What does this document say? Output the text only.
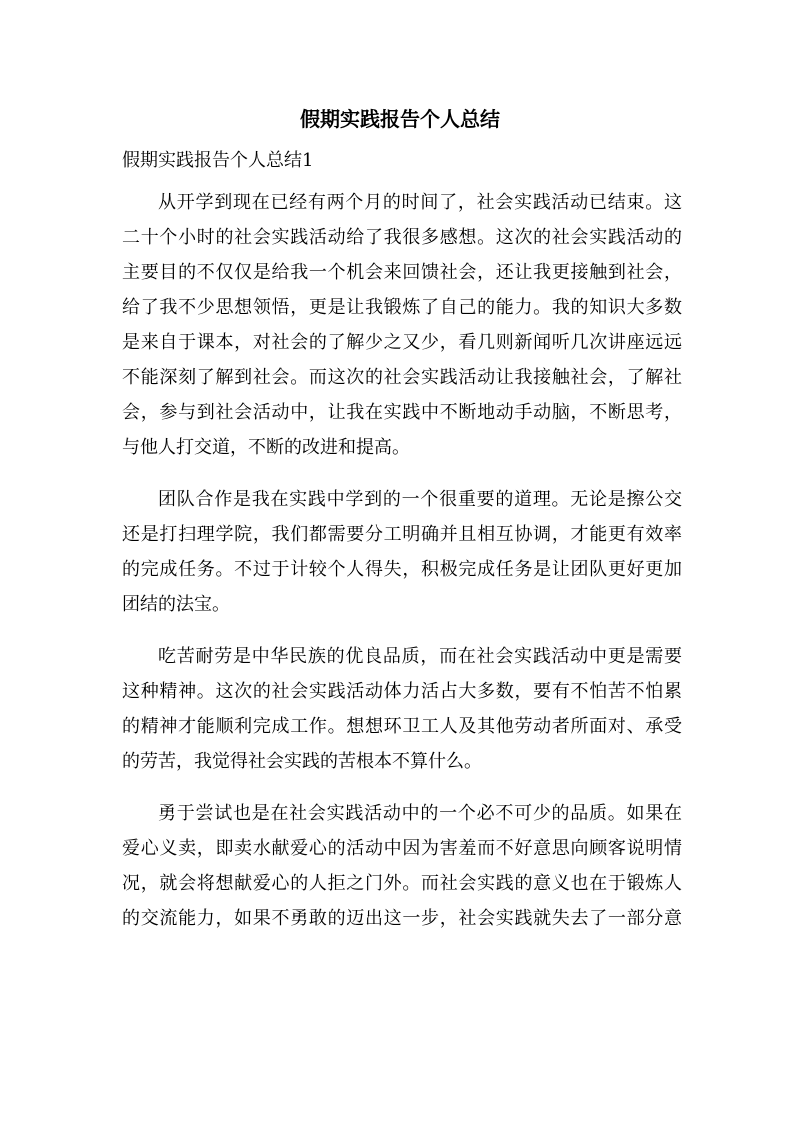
假期实践报告个人总结
假期实践报告个人总结1
从开学到现在已经有两个月的时间了，社会实践活动已结束。这
二十个小时的社会实践活动给了我很多感想。这次的社会实践活动的
主要目的不仅仅是给我一个机会来回馈社会，还让我更接触到社会，
给了我不少思想领悟，更是让我锻炼了自己的能力。我的知识大多数
是来自于课本，对社会的了解少之又少，看几则新闻听几次讲座远远
不能深刻了解到社会。而这次的社会实践活动让我接触社会，了解社
会，参与到社会活动中，让我在实践中不断地动手动脑，不断思考，
与他人打交道，不断的改进和提高。
团队合作是我在实践中学到的一个很重要的道理。无论是擦公交
还是打扫理学院，我们都需要分工明确并且相互协调，才能更有效率
的完成任务。不过于计较个人得失，积极完成任务是让团队更好更加
团结的法宝。
吃苦耐劳是中华民族的优良品质，而在社会实践活动中更是需要
这种精神。这次的社会实践活动体力活占大多数，要有不怕苦不怕累
的精神才能顺利完成工作。想想环卫工人及其他劳动者所面对、承受
的劳苦，我觉得社会实践的苦根本不算什么。
勇于尝试也是在社会实践活动中的一个必不可少的品质。如果在
爱心义卖，即卖水献爱心的活动中因为害羞而不好意思向顾客说明情
况，就会将想献爱心的人拒之门外。而社会实践的意义也在于锻炼人
的交流能力，如果不勇敢的迈出这一步，社会实践就失去了一部分意
